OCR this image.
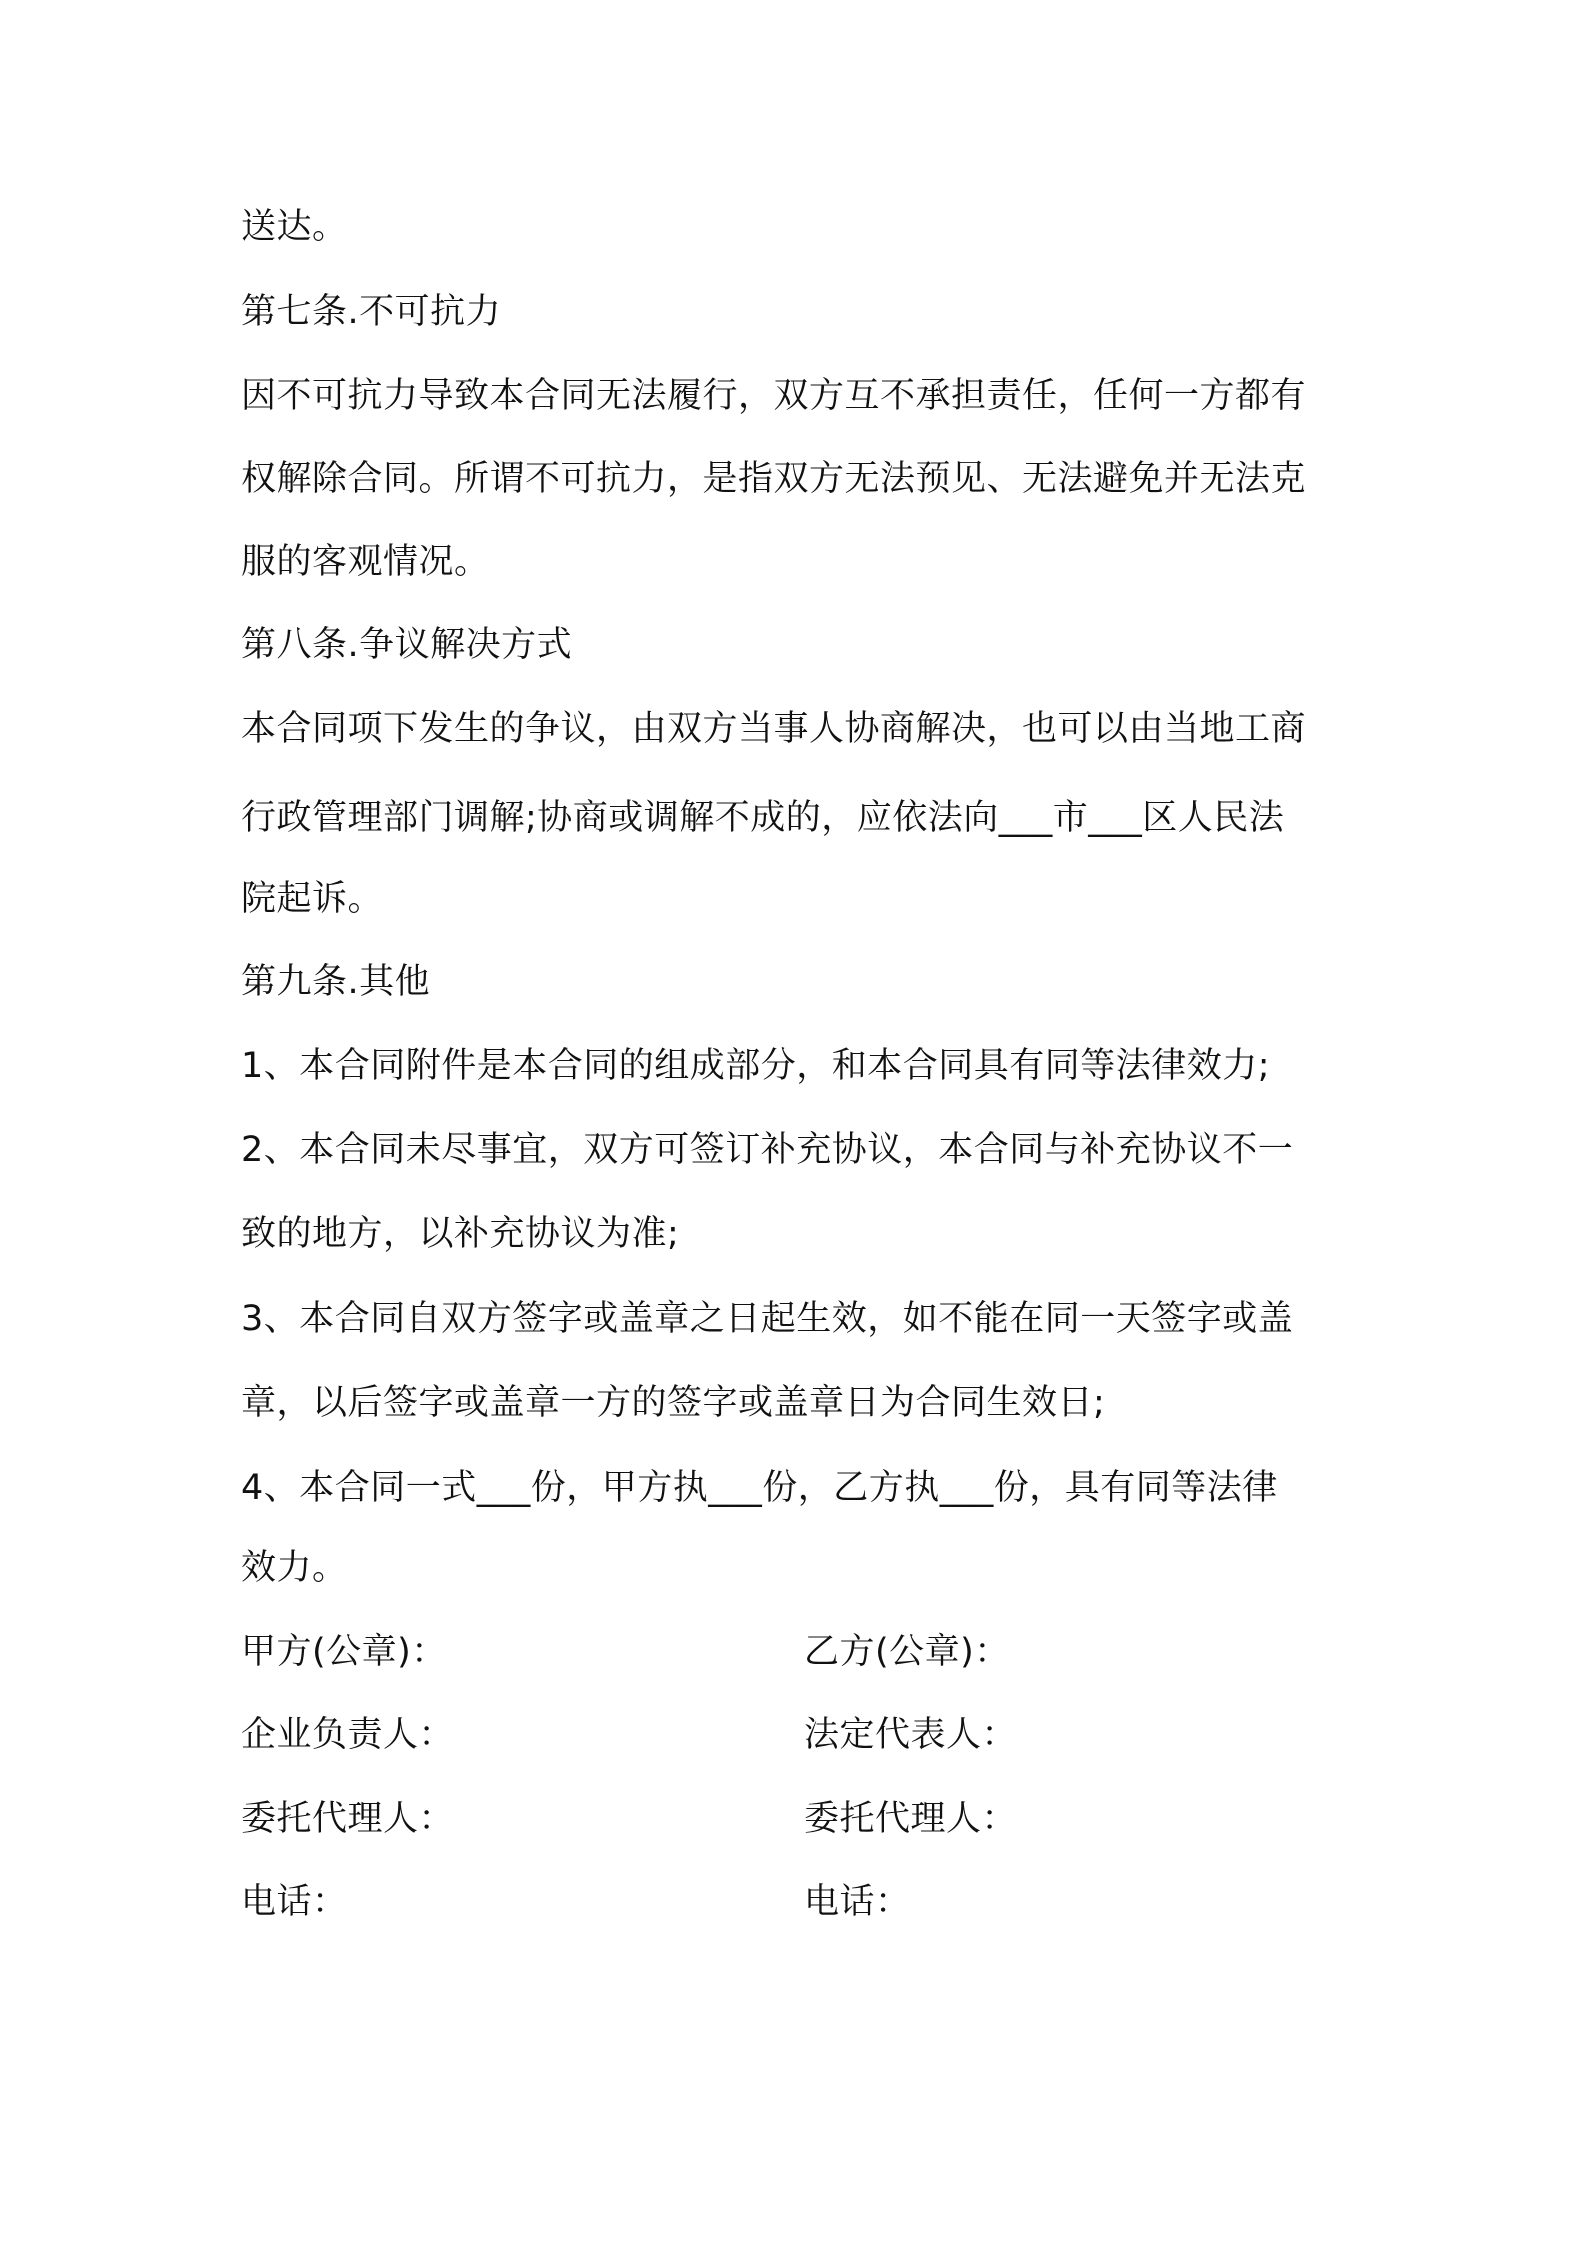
送达。
第七条.不可抗力
因不可抗力导致本合同无法履行，双方互不承担责任，任何一方都有
权解除合同。所谓不可抗力，是指双方无法预见、无法避免并无法克
服的客观情况。
第八条.争议解决方式
本合同项下发生的争议，由双方当事人协商解决，也可以由当地工商
行政管理部门调解;协商或调解不成的，应依法向___市___区人民法
院起诉。
第九条.其他
1、本合同附件是本合同的组成部分，和本合同具有同等法律效力;
2、本合同未尽事宜，双方可签订补充协议，本合同与补充协议不一
致的地方，以补充协议为准;
3、本合同自双方签字或盖章之日起生效，如不能在同一天签字或盖
章，以后签字或盖章一方的签字或盖章日为合同生效日;
4、本合同一式___份，甲方执___份，乙方执___份，具有同等法律
效力。
甲方(公章)：	乙方(公章)：
企业负责人：	法定代表人：
委托代理人：	委托代理人：
电话：	电话：
